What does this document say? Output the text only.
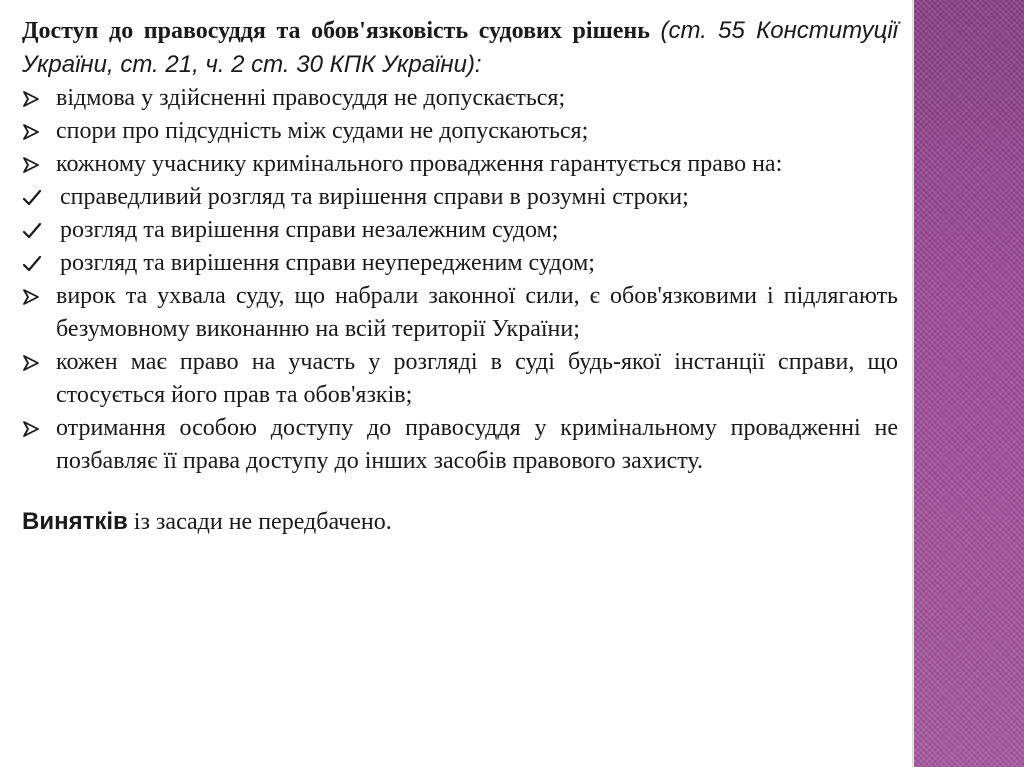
Доступ до правосуддя та обов'язковість судових рішень (ст. 55 Конституції України, ст. 21, ч. 2 ст. 30 КПК України):

відмова у здійсненні правосуддя не допускається;
спори про підсудність між судами не допускаються;
кожному учаснику кримінального провадження гарантується право на:
справедливий розгляд та вирішення справи в розумні строки;
розгляд та вирішення справи незалежним судом;
розгляд та вирішення справи неупередженим судом;
вирок та ухвала суду, що набрали законної сили, є обов'язковими і підлягають безумовному виконанню на всій території України;
кожен має право на участь у розгляді в суді будь-якої інстанції справи, що стосується його прав та обов'язків;
отримання особою доступу до правосуддя у кримінальному провадженні не позбавляє її права доступу до інших засобів правового захисту.

Винятків із засади не передбачено.
